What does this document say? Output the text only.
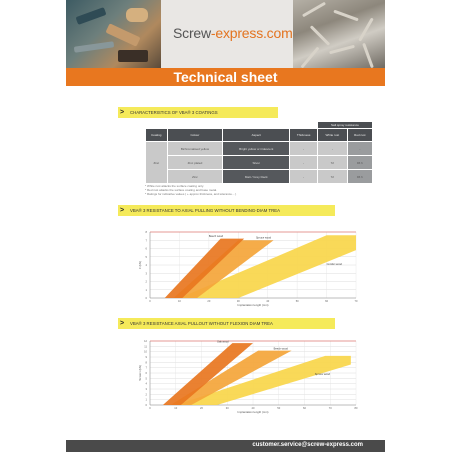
Screw-express.com
Technical sheet
> CHARACTERISTICS OF VBA® 3 COATINGS
				Salt spray resistance	
Coating	Colour	Aspect	Thickness	White rust	Red rust
Zinc	Bichromatised yellow	Bright yellow or iridescent	-	-	-
	Zinc plated	Silver	-	72	96 h
	Zinc	Matt / Grey black	-	72	96 h
* White rust attacks the surface coating only.
* Red rust attacks the surface coating and base metal.
* Ratings for indicative values ( + approx thickness, and tolerance... )
> VBA® 3 RESISTANCE TO AXIAL PULLING WITHOUT BENDING-DIAM TREA
0
1
2
3
4
5
6
7
8
0	10	20	30	40	50	60	70
Beech wood
Spruce wood
Conifer wood
Implantation length (mm)
F (kN)
> VBA® 3 RESISTANCE AXIAL PULLOUT WITHOUT FLEXION DIAM TREA
0
1
2
3
4
5
6
7
8
9
10
11
12
0	10	20	30	40	50	60	70	80
Oak wood
Beech wood
Spruce wood
Implantation length (mm)
Tension (kN)
customer.service@screw-express.com
